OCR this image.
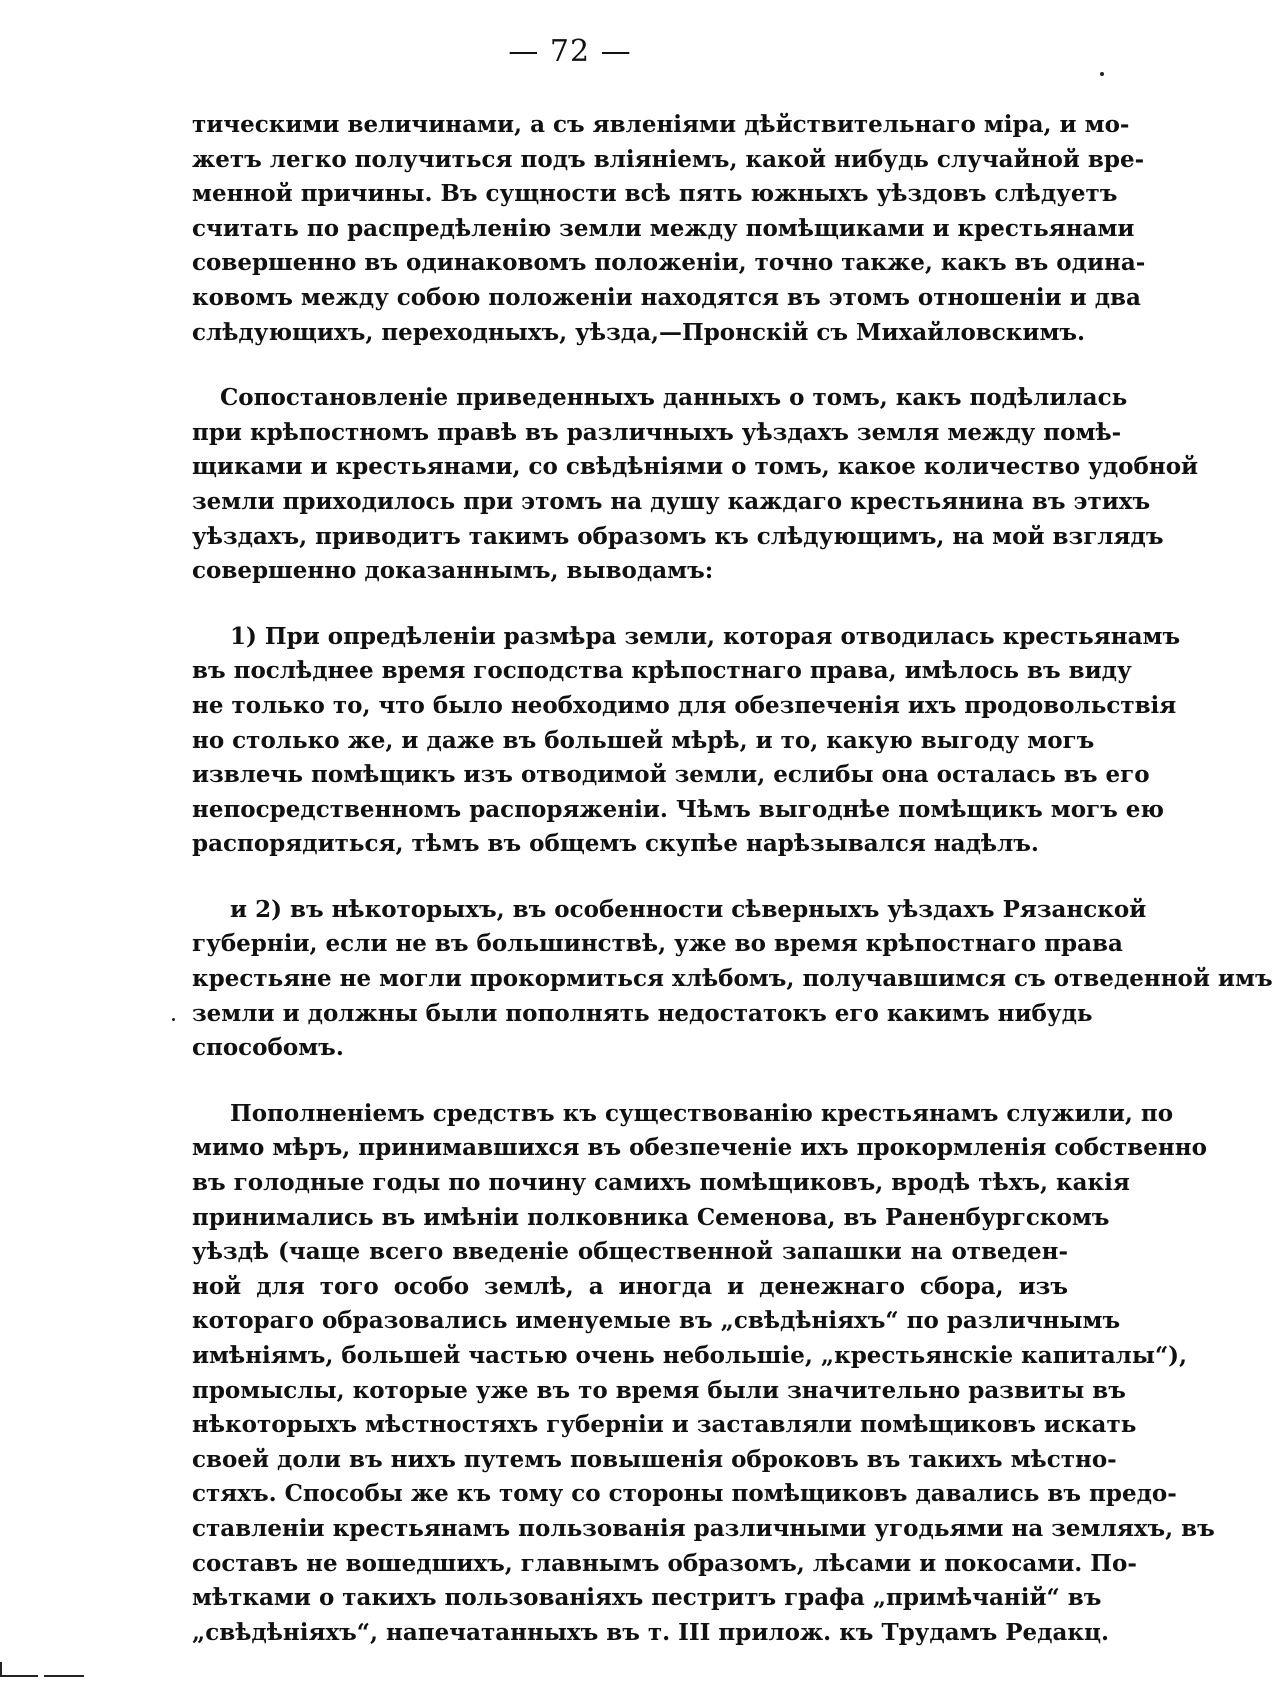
— 72 —
тическими величинами, а съ явленіями дѣйствительнаго міра, и мо-
жетъ легко получиться подъ вліяніемъ, какой нибудь случайной вре-
менной причины. Въ сущности всѣ пять южныхъ уѣздовъ слѣдуетъ
считать по распредѣленію земли между помѣщиками и крестьянами
совершенно въ одинаковомъ положеніи, точно также, какъ въ одина-
ковомъ между собою положеніи находятся въ этомъ отношеніи и два
слѣдующихъ, переходныхъ, уѣзда,—Пронскій съ Михайловскимъ.
Сопостановленіе приведенныхъ данныхъ о томъ, какъ подѣлилась
при крѣпостномъ правѣ въ различныхъ уѣздахъ земля между помѣ-
щиками и крестьянами, со свѣдѣніями о томъ, какое количество удобной
земли приходилось при этомъ на душу каждаго крестьянина въ этихъ
уѣздахъ, приводитъ такимъ образомъ къ слѣдующимъ, на мой взглядъ
совершенно доказаннымъ, выводамъ:
1) При опредѣленіи размѣра земли, которая отводилась крестьянамъ
въ послѣднее время господства крѣпостнаго права, имѣлось въ виду
не только то, что было необходимо для обезпеченія ихъ продовольствія
но столько же, и даже въ большей мѣрѣ, и то, какую выгоду могъ
извлечь помѣщикъ изъ отводимой земли, еслибы она осталась въ его
непосредственномъ распоряженіи. Чѣмъ выгоднѣе помѣщикъ могъ ею
распорядиться, тѣмъ въ общемъ скупѣе нарѣзывался надѣлъ.
и 2) въ нѣкоторыхъ, въ особенности сѣверныхъ уѣздахъ Рязанской
губерніи, если не въ большинствѣ, уже во время крѣпостнаго права
крестьяне не могли прокормиться хлѣбомъ, получавшимся съ отведенной имъ
земли и должны были пополнять недостатокъ его какимъ нибудь
способомъ.
Пополненіемъ средствъ къ существованію крестьянамъ служили, по
мимо мѣръ, принимавшихся въ обезпеченіе ихъ прокормленія собственно
въ голодные годы по почину самихъ помѣщиковъ, вродѣ тѣхъ, какія
принимались въ имѣніи полковника Семенова, въ Раненбургскомъ
уѣздѣ (чаще всего введеніе общественной запашки на отведен-
ной для того особо землѣ, а иногда и денежнаго сбора, изъ
котораго образовались именуемые въ „свѣдѣніяхъ“ по различнымъ
имѣніямъ, большей частью очень небольшіе, „крестьянскіе капиталы“),
промыслы, которые уже въ то время были значительно развиты въ
нѣкоторыхъ мѣстностяхъ губерніи и заставляли помѣщиковъ искать
своей доли въ нихъ путемъ повышенія оброковъ въ такихъ мѣстно-
стяхъ. Способы же къ тому со стороны помѣщиковъ давались въ предо-
ставленіи крестьянамъ пользованія различными угодьями на земляхъ, въ
составъ не вошедшихъ, главнымъ образомъ, лѣсами и покосами. По-
мѣтками о такихъ пользованіяхъ пестритъ графа „примѣчаній“ въ
„свѣдѣніяхъ“, напечатанныхъ въ т. III прилож. къ Трудамъ Редакц.
